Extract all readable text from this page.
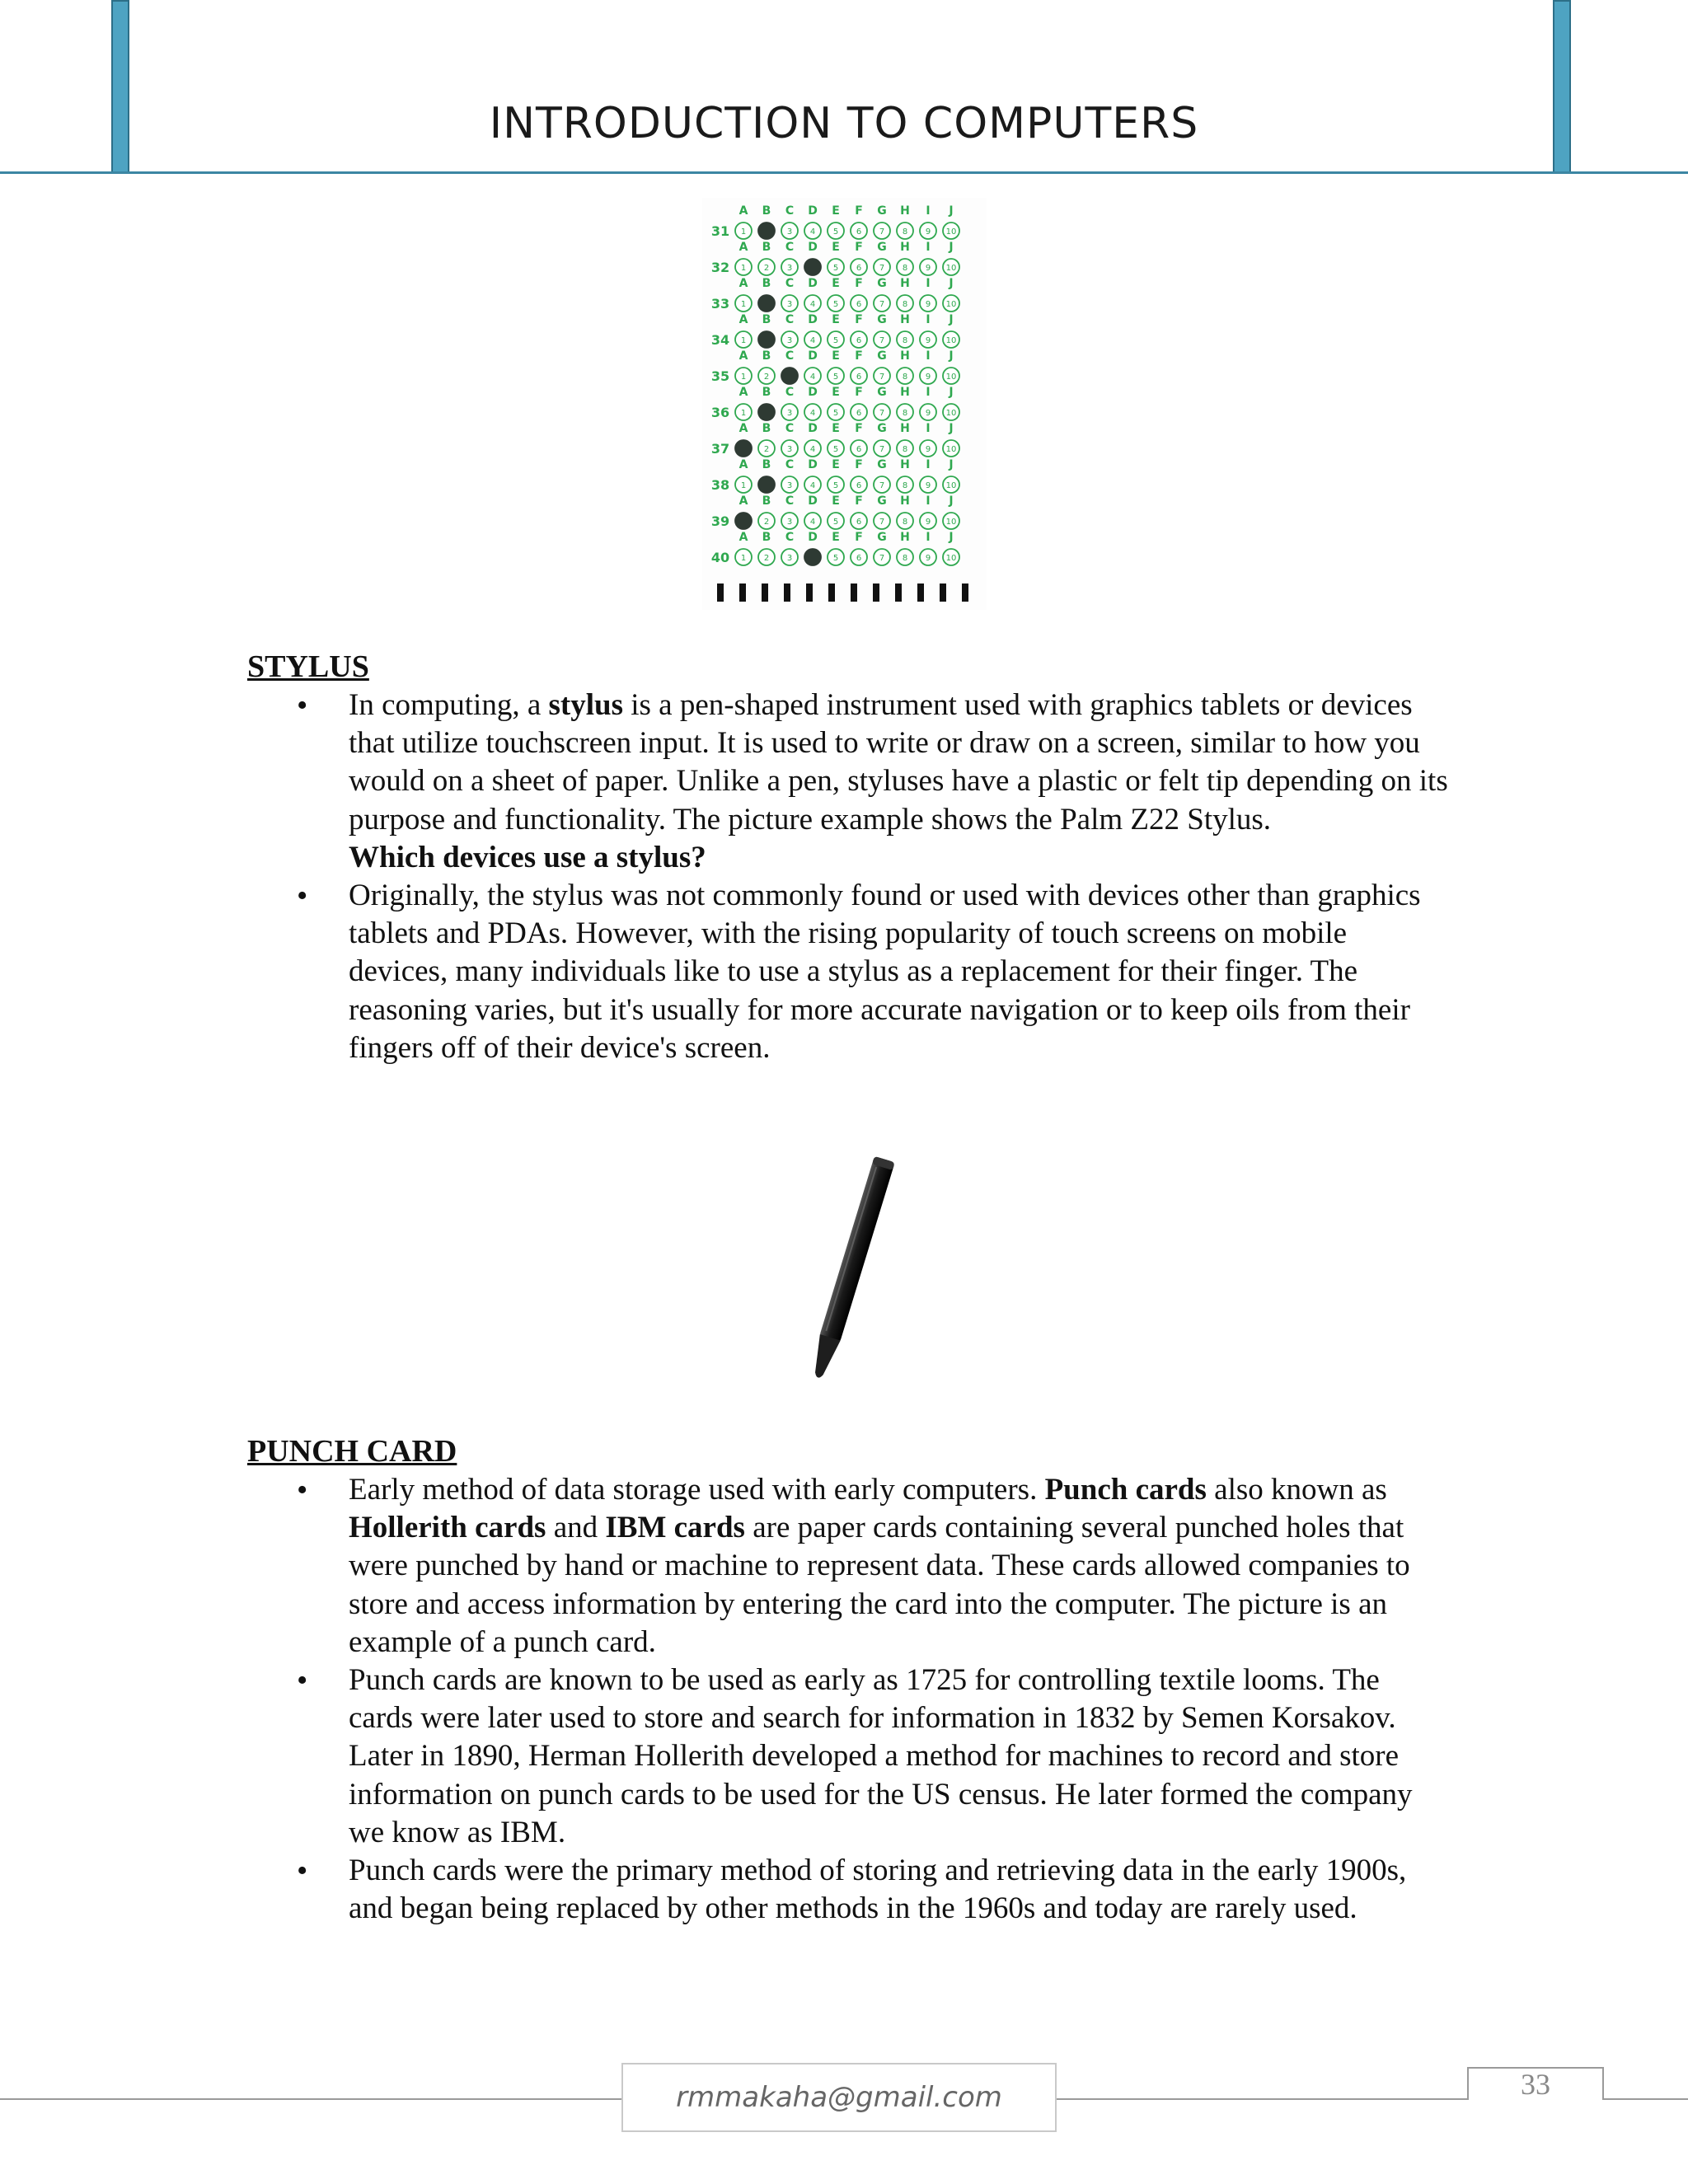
INTRODUCTION TO COMPUTERS
A B C D E F G H I J
31 1	3 4 5 6 7 8 9 10
A B C D E F G H I J
32 1 2 3	5 6 7 8 9 10
A B C D E F G H I J
33 1	3 4 5 6 7 8 9 10
A B C D E F G H I J
34 1	3 4 5 6 7 8 9 10
A B C D E F G H I J
35 1 2	4 5 6 7 8 9 10
A B C D E F G H I J
36 1	3 4 5 6 7 8 9 10
A B C D E F G H I J
37	2 3 4 5 6 7 8 9 10
A B C D E F G H I J
38 1	3 4 5 6 7 8 9 10
A B C D E F G H I J
39	2 3 4 5 6 7 8 9 10
A B C D E F G H I J
40 1 2 3	5 6 7 8 9 10
STYLUS
• In computing, a stylus is a pen-shaped instrument used with graphics tablets or devices that utilize touchscreen input. It is used to write or draw on a screen, similar to how you would on a sheet of paper. Unlike a pen, styluses have a plastic or felt tip depending on its purpose and functionality. The picture example shows the Palm Z22 Stylus.
Which devices use a stylus?
• Originally, the stylus was not commonly found or used with devices other than graphics tablets and PDAs. However, with the rising popularity of touch screens on mobile devices, many individuals like to use a stylus as a replacement for their finger. The reasoning varies, but it's usually for more accurate navigation or to keep oils from their fingers off of their device's screen.
PUNCH CARD
• Early method of data storage used with early computers. Punch cards also known as Hollerith cards and IBM cards are paper cards containing several punched holes that were punched by hand or machine to represent data. These cards allowed companies to store and access information by entering the card into the computer. The picture is an example of a punch card.
• Punch cards are known to be used as early as 1725 for controlling textile looms. The cards were later used to store and search for information in 1832 by Semen Korsakov. Later in 1890, Herman Hollerith developed a method for machines to record and store information on punch cards to be used for the US census. He later formed the company we know as IBM.
• Punch cards were the primary method of storing and retrieving data in the early 1900s, and began being replaced by other methods in the 1960s and today are rarely used.
rmmakaha@gmail.com	33
